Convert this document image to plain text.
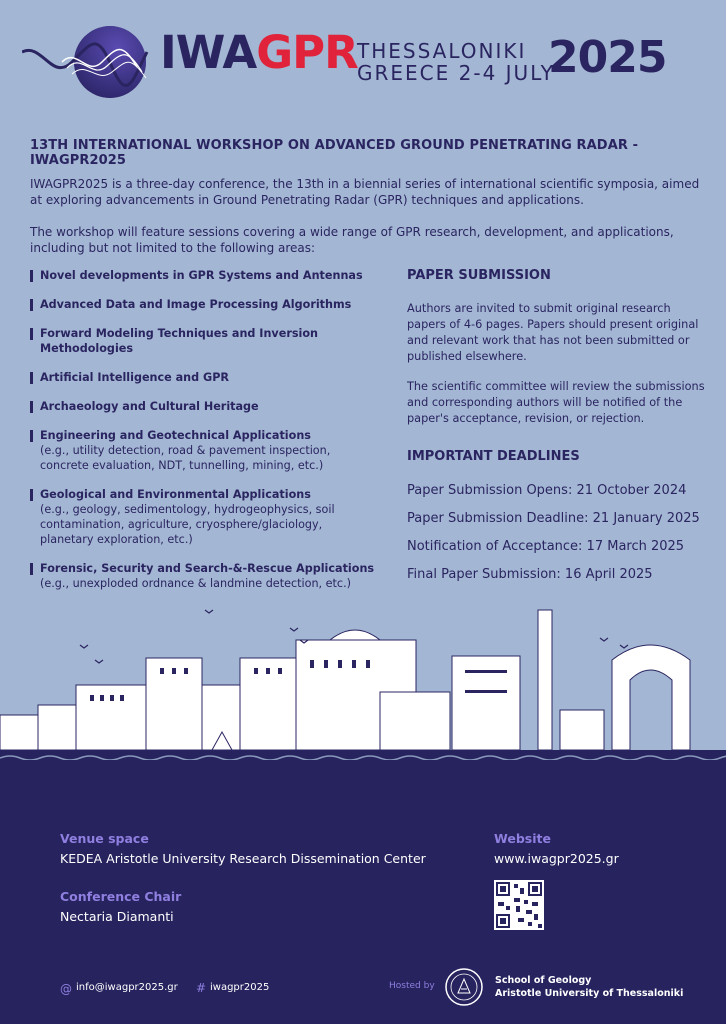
IWAGPR THESSALONIKI
GREECE 2-4 JULY
2025
13TH INTERNATIONAL WORKSHOP ON ADVANCED GROUND PENETRATING RADAR - IWAGPR2025
IWAGPR2025 is a three-day conference, the 13th in a biennial series of international scientific symposia, aimed at exploring advancements in Ground Penetrating Radar (GPR) techniques and applications.
The workshop will feature sessions covering a wide range of GPR research, development, and applications, including but not limited to the following areas:
Novel developments in GPR Systems and Antennas
Advanced Data and Image Processing Algorithms
Forward Modeling Techniques and Inversion Methodologies
Artificial Intelligence and GPR
Archaeology and Cultural Heritage
Engineering and Geotechnical Applications
(e.g., utility detection, road & pavement inspection, concrete evaluation, NDT, tunnelling, mining, etc.)
Geological and Environmental Applications
(e.g., geology, sedimentology, hydrogeophysics, soil contamination, agriculture, cryosphere/glaciology, planetary exploration, etc.)
Forensic, Security and Search-&-Rescue Applications
(e.g., unexploded ordnance & landmine detection, etc.)
PAPER SUBMISSION
Authors are invited to submit original research papers of 4-6 pages. Papers should present original and relevant work that has not been submitted or published elsewhere.
The scientific committee will review the submissions and corresponding authors will be notified of the paper's acceptance, revision, or rejection.
IMPORTANT DEADLINES
Paper Submission Opens: 21 October 2024
Paper Submission Deadline: 21 January 2025
Notification of Acceptance: 17 March 2025
Final Paper Submission: 16 April 2025
Venue space
KEDEA Aristotle University Research Dissemination Center
Conference Chair
Nectaria Diamanti
Website
www.iwagpr2025.gr
@ info@iwagpr2025.gr # iwagpr2025	Hosted by	School of Geology
Aristotle University of Thessaloniki
